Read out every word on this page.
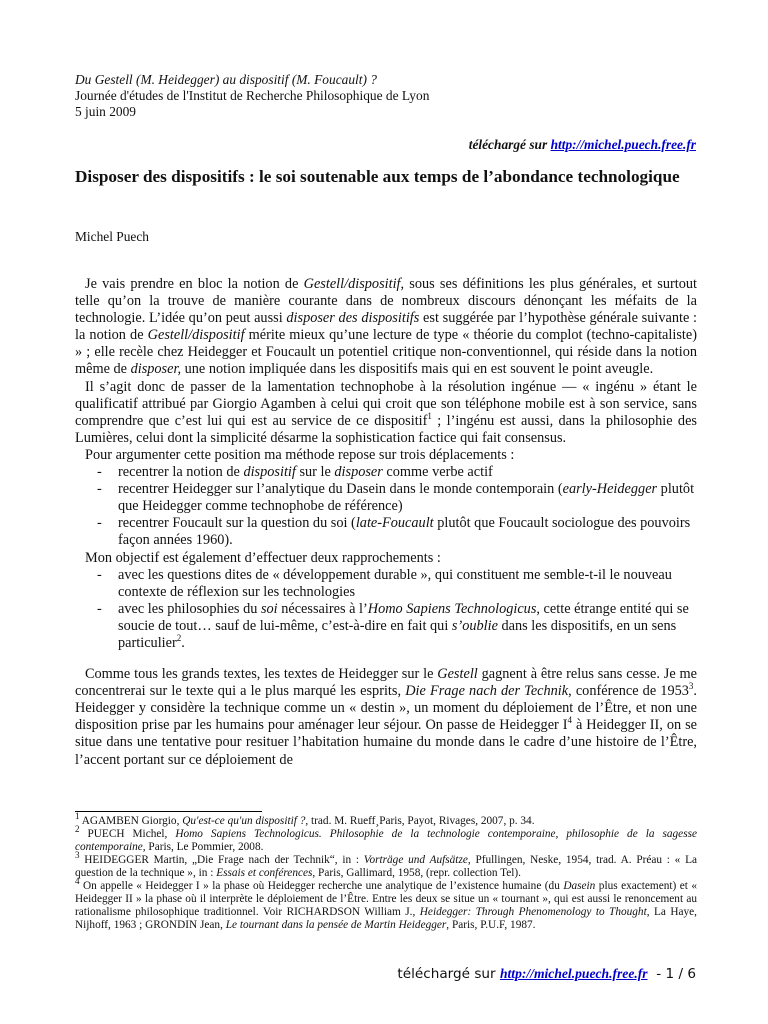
Du Gestell (M. Heidegger) au dispositif (M. Foucault) ?
Journée d'études de l'Institut de Recherche Philosophique de Lyon
5 juin 2009
téléchargé sur http://michel.puech.free.fr
Disposer des dispositifs : le soi soutenable aux temps de l’abondance technologique
Michel Puech

Je vais prendre en bloc la notion de Gestell/dispositif, sous ses définitions les plus générales, et surtout telle qu’on la trouve de manière courante dans de nombreux discours dénonçant les méfaits de la technologie. L’idée qu’on peut aussi disposer des dispositifs est suggérée par l’hypothèse générale suivante : la notion de Gestell/dispositif mérite mieux qu’une lecture de type « théorie du complot (techno-capitaliste) » ; elle recèle chez Heidegger et Foucault un potentiel critique non-conventionnel, qui réside dans la notion même de disposer, une notion impliquée dans les dispositifs mais qui en est souvent le point aveugle.

Il s’agit donc de passer de la lamentation technophobe à la résolution ingénue — « ingénu » étant le qualificatif attribué par Giorgio Agamben à celui qui croit que son téléphone mobile est à son service, sans comprendre que c’est lui qui est au service de ce dispositif$^1$ ; l’ingénu est aussi, dans la philosophie des Lumières, celui dont la simplicité désarme la sophistication factice qui fait consensus.

Pour argumenter cette position ma méthode repose sur trois déplacements :

- recentrer la notion de dispositif sur le disposer comme verbe actif
- recentrer Heidegger sur l’analytique du Dasein dans le monde contemporain (early-Heidegger plutôt que Heidegger comme technophobe de référence)
- recentrer Foucault sur la question du soi (late-Foucault plutôt que Foucault sociologue des pouvoirs façon années 1960).

Mon objectif est également d’effectuer deux rapprochements :

- avec les questions dites de « développement durable », qui constituent me semble-t-il le nouveau contexte de réflexion sur les technologies
- avec les philosophies du soi nécessaires à l’Homo Sapiens Technologicus, cette étrange entité qui se soucie de tout… sauf de lui-même, c’est-à-dire en fait qui s’oublie dans les dispositifs, en un sens particulier$^2$.

Comme tous les grands textes, les textes de Heidegger sur le Gestell gagnent à être relus sans cesse. Je me concentrerai sur le texte qui a le plus marqué les esprits, Die Frage nach der Technik, conférence de 1953$^3$. Heidegger y considère la technique comme un « destin », un moment du déploiement de l’Être, et non une disposition prise par les humains pour aménager leur séjour. On passe de Heidegger $I^4$ à Heidegger II, on se situe dans une tentative pour resituer l’habitation humaine du monde dans le cadre d’une histoire de l’Être, l’accent portant sur ce déploiement de

$^1$ AGAMBEN Giorgio, Qu'est-ce qu'un dispositif ?, trad. M. Rueff¸Paris, Payot, Rivages, 2007, p. 34.

$^2$ PUECH Michel, Homo Sapiens Technologicus. Philosophie de la technologie contemporaine, philosophie de la sagesse contemporaine, Paris, Le Pommier, 2008.

$^3$ HEIDEGGER Martin, „Die Frage nach der Technik“, in : Vorträge und Aufsätze, Pfullingen, Neske, 1954, trad. A. Préau : « La question de la technique », in : Essais et conférences, Paris, Gallimard, 1958, (repr. collection Tel).

$^4$ On appelle « Heidegger I » la phase où Heidegger recherche une analytique de l’existence humaine (du Dasein plus exactement) et « Heidegger II » la phase où il interprète le déploiement de l’Être. Entre les deux se situe un « tournant », qui est aussi le renoncement au rationalisme philosophique traditionnel. Voir RICHARDSON William J., Heidegger: Through Phenomenology to Thought, La Haye, Nijhoff, 1963 ; GRONDIN Jean, Le tournant dans la pensée de Martin Heidegger, Paris, P.U.F, 1987.

téléchargé sur http://michel.puech.free.fr - 1 / 6
